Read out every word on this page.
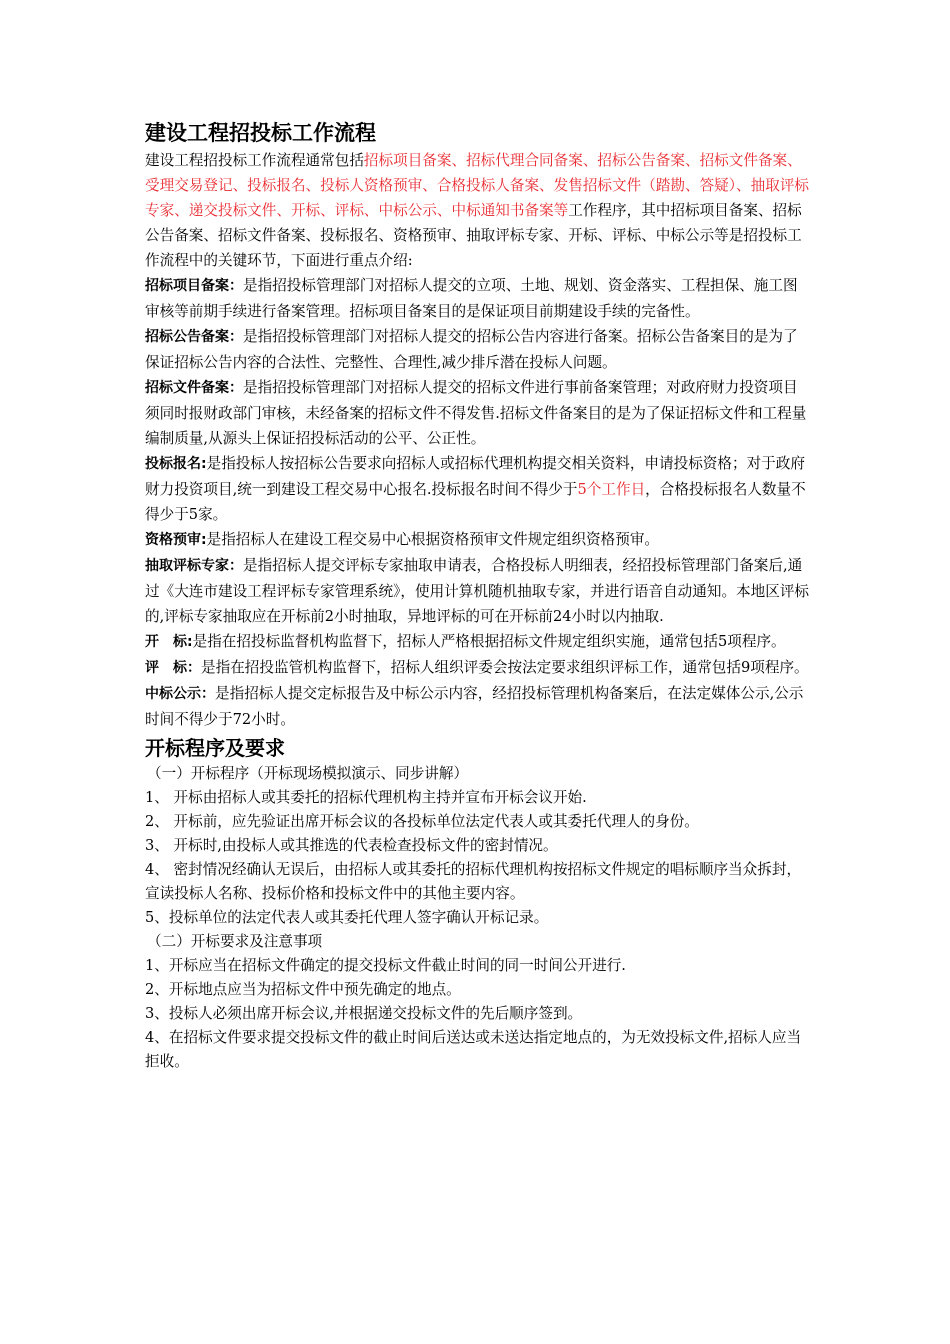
建设工程招投标工作流程

建设工程招投标工作流程通常包括招标项目备案、招标代理合同备案、招标公告备案、招标文件备案、受理交易登记、投标报名、投标人资格预审、合格投标人备案、发售招标文件（踏勘、答疑）、抽取评标专家、递交投标文件、开标、评标、中标公示、中标通知书备案等工作程序，其中招标项目备案、招标公告备案、招标文件备案、投标报名、资格预审、抽取评标专家、开标、评标、中标公示等是招投标工作流程中的关键环节，下面进行重点介绍:

招标项目备案：是指招投标管理部门对招标人提交的立项、土地、规划、资金落实、工程担保、施工图审核等前期手续进行备案管理。招标项目备案目的是保证项目前期建设手续的完备性。

招标公告备案：是指招投标管理部门对招标人提交的招标公告内容进行备案。招标公告备案目的是为了保证招标公告内容的合法性、完整性、合理性,减少排斥潜在投标人问题。

招标文件备案：是指招投标管理部门对招标人提交的招标文件进行事前备案管理；对政府财力投资项目须同时报财政部门审核，未经备案的招标文件不得发售.招标文件备案目的是为了保证招标文件和工程量编制质量,从源头上保证招投标活动的公平、公正性。

投标报名:是指投标人按招标公告要求向招标人或招标代理机构提交相关资料，申请投标资格；对于政府财力投资项目,统一到建设工程交易中心报名.投标报名时间不得少于5个工作日，合格投标报名人数量不得少于5家。

资格预审:是指招标人在建设工程交易中心根据资格预审文件规定组织资格预审。

抽取评标专家：是指招标人提交评标专家抽取申请表，合格投标人明细表，经招投标管理部门备案后,通过《大连市建设工程评标专家管理系统》，使用计算机随机抽取专家，并进行语音自动通知。本地区评标的,评标专家抽取应在开标前2小时抽取，异地评标的可在开标前24小时以内抽取.

开　标:是指在招投标监督机构监督下，招标人严格根据招标文件规定组织实施，通常包括5项程序。

评　标：是指在招投监管机构监督下，招标人组织评委会按法定要求组织评标工作，通常包括9项程序。

中标公示：是指招标人提交定标报告及中标公示内容，经招投标管理机构备案后，在法定媒体公示,公示时间不得少于72小时。

开标程序及要求

（一）开标程序（开标现场模拟演示、同步讲解）

1、 开标由招标人或其委托的招标代理机构主持并宣布开标会议开始.

2、 开标前，应先验证出席开标会议的各投标单位法定代表人或其委托代理人的身份。

3、 开标时,由投标人或其推选的代表检查投标文件的密封情况。

4、 密封情况经确认无误后，由招标人或其委托的招标代理机构按招标文件规定的唱标顺序当众拆封，宣读投标人名称、投标价格和投标文件中的其他主要内容。

5、投标单位的法定代表人或其委托代理人签字确认开标记录。

（二）开标要求及注意事项

1、开标应当在招标文件确定的提交投标文件截止时间的同一时间公开进行.

2、开标地点应当为招标文件中预先确定的地点。

3、投标人必须出席开标会议,并根据递交投标文件的先后顺序签到。

4、在招标文件要求提交投标文件的截止时间后送达或未送达指定地点的，为无效投标文件,招标人应当拒收。
